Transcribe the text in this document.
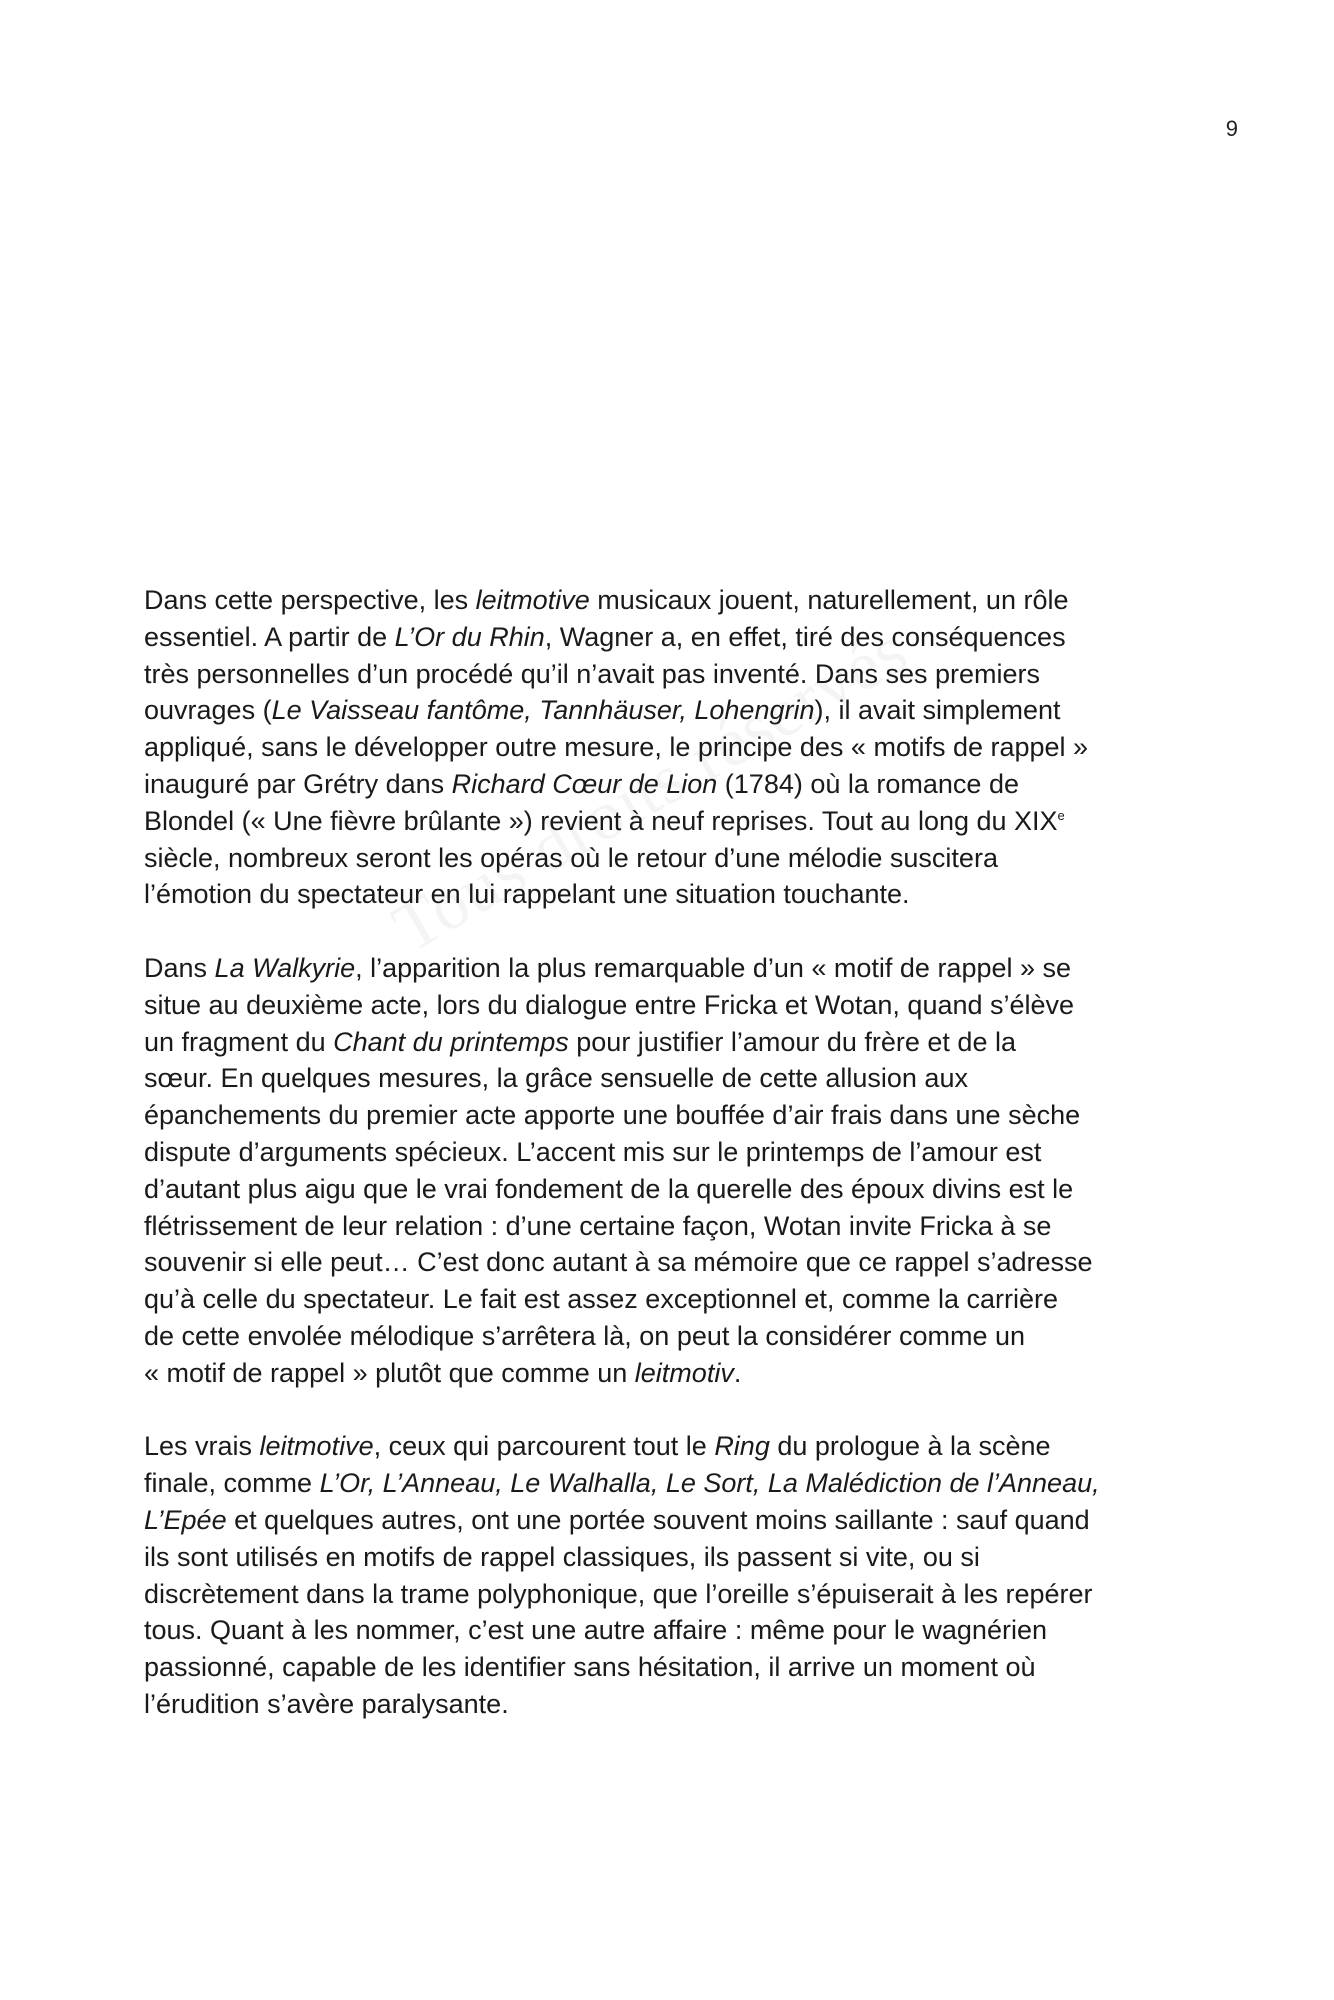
9

Dans cette perspective, les leitmotive musicaux jouent, naturellement, un rôle
essentiel. A partir de L’Or du Rhin, Wagner a, en effet, tiré des conséquences
très personnelles d’un procédé qu’il n’avait pas inventé. Dans ses premiers
ouvrages (Le Vaisseau fantôme, Tannhäuser, Lohengrin), il avait simplement
appliqué, sans le développer outre mesure, le principe des « motifs de rappel »
inauguré par Grétry dans Richard Cœur de Lion (1784) où la romance de
Blondel (« Une fièvre brûlante ») revient à neuf reprises. Tout au long du XIXe
siècle, nombreux seront les opéras où le retour d’une mélodie suscitera
l’émotion du spectateur en lui rappelant une situation touchante.

Dans La Walkyrie, l’apparition la plus remarquable d’un « motif de rappel » se
situe au deuxième acte, lors du dialogue entre Fricka et Wotan, quand s’élève
un fragment du Chant du printemps pour justifier l’amour du frère et de la
sœur. En quelques mesures, la grâce sensuelle de cette allusion aux
épanchements du premier acte apporte une bouffée d’air frais dans une sèche
dispute d’arguments spécieux. L’accent mis sur le printemps de l’amour est
d’autant plus aigu que le vrai fondement de la querelle des époux divins est le
flétrissement de leur relation : d’une certaine façon, Wotan invite Fricka à se
souvenir si elle peut… C’est donc autant à sa mémoire que ce rappel s’adresse
qu’à celle du spectateur. Le fait est assez exceptionnel et, comme la carrière
de cette envolée mélodique s’arrêtera là, on peut la considérer comme un
« motif de rappel » plutôt que comme un leitmotiv.

Les vrais leitmotive, ceux qui parcourent tout le Ring du prologue à la scène
finale, comme L’Or, L’Anneau, Le Walhalla, Le Sort, La Malédiction de l’Anneau,
L’Epée et quelques autres, ont une portée souvent moins saillante : sauf quand
ils sont utilisés en motifs de rappel classiques, ils passent si vite, ou si
discrètement dans la trame polyphonique, que l’oreille s’épuiserait à les repérer
tous. Quant à les nommer, c’est une autre affaire : même pour le wagnérien
passionné, capable de les identifier sans hésitation, il arrive un moment où
l’érudition s’avère paralysante.
